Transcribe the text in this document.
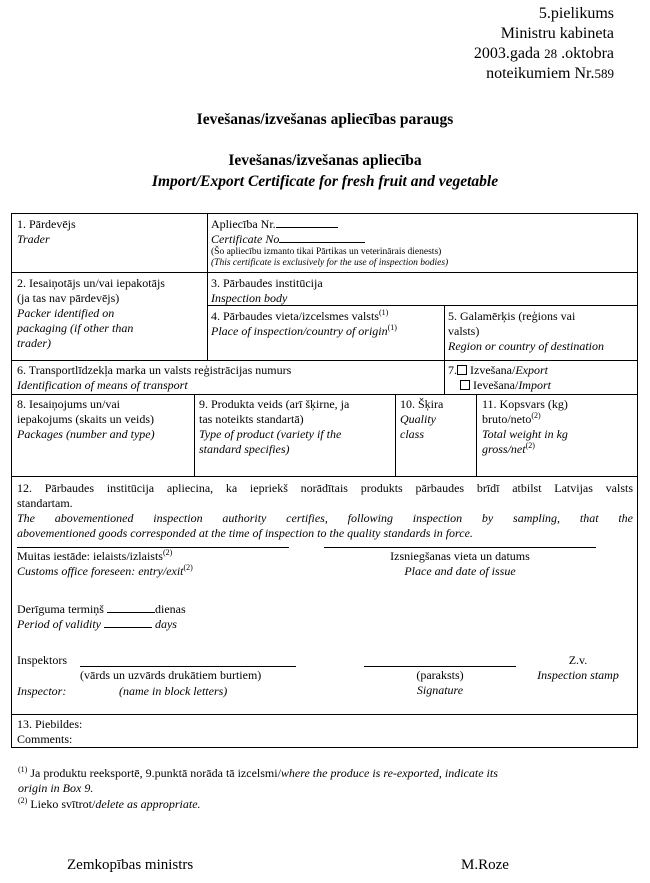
5.pielikums
Ministru kabineta
2003.gada 28 .oktobra
noteikumiem Nr.589
Ievešanas/izvešanas apliecības paraugs
Ievešanas/izvešanas apliecība
Import/Export Certificate for fresh fruit and vegetable
1. Pārdevējs
Trader
Apliecība Nr.
Certificate No
(Šo apliecību izmanto tikai Pārtikas un veterinārais dienests)
(This certificate is exclusively for the use of inspection bodies)
2. Iesaiņotājs un/vai iepakotājs
(ja tas nav pārdevējs)
Packer identified on
packaging (if other than
trader)
3. Pārbaudes institūcija
Inspection body
4. Pārbaudes vieta/izcelsmes valsts$^{(1)}$
Place of inspection/country of origin$^{(1)}$
5. Galamērķis (reģions vai
valsts)
Region or country of destination
6. Transportlīdzekļa marka un valsts reģistrācijas numurs
Identification of means of transport
7. Izvešana/Export
Ievešana/Import
8. Iesaiņojums un/vai
iepakojums (skaits un veids)
Packages (number and type)
9. Produkta veids (arī šķirne, ja
tas noteikts standartā)
Type of product (variety if the
standard specifies)
10. Šķira
Quality
class
11. Kopsvars (kg)
bruto/neto$^{(2)}$
Total weight in kg
gross/net$^{(2)}$
12. Pārbaudes institūcija apliecina, ka iepriekš norādītais produkts pārbaudes brīdī atbilst Latvijas valsts
standartam.
The abovementioned inspection authority certifies, following inspection by sampling, that the
abovementioned goods corresponded at the time of inspection to the quality standards in force.
Muitas iestāde: ielaists/izlaists$^{(2)}$
Customs office foreseen: entry/exit$^{(2)}$
Izsniegšanas vieta un datums
Place and date of issue
Derīguma termiņš	dienas
Period of validity	days
Inspektors
(vārds un uzvārds drukātiem burtiem)
Inspector:	(name in block letters)
(paraksts)
Signature
Z.v.
Inspection stamp
13. Piebildes:
Comments:
$^{(1)}$ Ja produktu reeksportē, 9.punktā norāda tā izcelsmi/where the produce is re-exported, indicate its
origin in Box 9.
$^{(2)}$ Lieko svītrot/delete as appropriate.
Zemkopības ministrs	M.Roze
